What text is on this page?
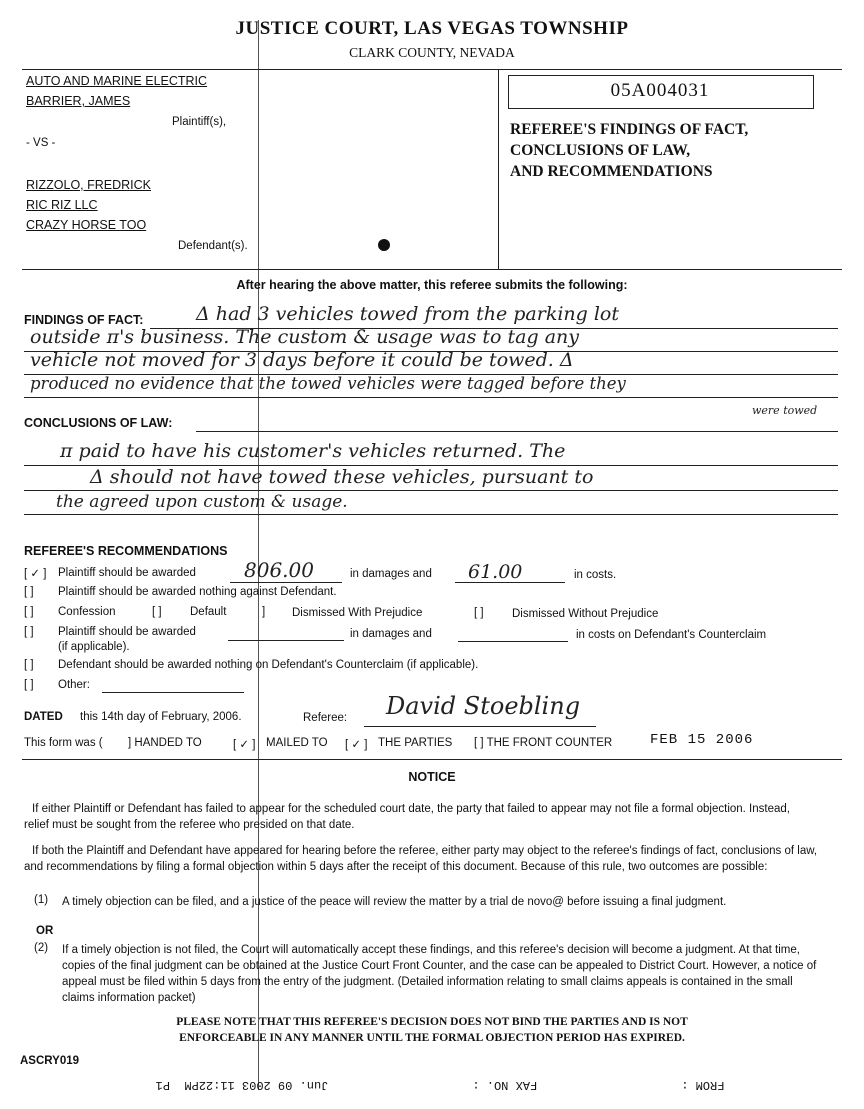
JUSTICE COURT, LAS VEGAS TOWNSHIP
CLARK COUNTY, NEVADA
AUTO AND MARINE ELECTRIC
BARRIER, JAMES
Plaintiff(s),
- VS -
RIZZOLO, FREDRICK
RIC RIZ LLC
CRAZY HORSE TOO
Defendant(s).
05A004031
REFEREE'S FINDINGS OF FACT,
CONCLUSIONS OF LAW,
AND RECOMMENDATIONS
After hearing the above matter, this referee submits the following:
FINDINGS OF FACT:	Δ had 3 vehicles towed from the parking lot
outside π's business. The custom & usage was to tag any
vehicle not moved for 3 days before it could be towed. Δ
produced no evidence that the towed vehicles were tagged before they
were towed
CONCLUSIONS OF LAW:
π paid to have his customer's vehicles returned. The
Δ should not have towed these vehicles, pursuant to
the agreed upon custom & usage.
REFEREE'S RECOMMENDATIONS
[ ✓ ] Plaintiff should be awarded 806.00	in damages and 61.00	in costs.
[ ] Plaintiff should be awarded nothing against Defendant.
[ ] Confession	[ ] Default	] Dismissed With Prejudice	[ ] Dismissed Without Prejudice
[ ] Plaintiff should be awarded	in damages and	in costs on Defendant's Counterclaim
(if applicable).
[ ] Defendant should be awarded nothing on Defendant's Counterclaim (if applicable).
[ ] Other:
DATED this 14th day of February, 2006.	Referee: David Stoebling
This form was ( ] HANDED TO	[ ✓ ] MAILED TO [ ✓ ] THE PARTIES [ ] THE FRONT COUNTER	FEB 15 2006
NOTICE
If either Plaintiff or Defendant has failed to appear for the scheduled court date, the party that failed to appear may not file a formal objection. Instead, relief must be sought from the referee who presided on that date.
If both the Plaintiff and Defendant have appeared for hearing before the referee, either party may object to the referee's findings of fact, conclusions of law, and recommendations by filing a formal objection within 5 days after the receipt of this document. Because of this rule, two outcomes are possible:
(1) A timely objection can be filed, and a justice of the peace will review the matter by a trial de novo@ before issuing a final judgment.
OR
(2) If a timely objection is not filed, the Court will automatically accept these findings, and this referee's decision will become a judgment. At that time, copies of the final judgment can be obtained at the Justice Court Front Counter, and the case can be appealed to District Court. However, a notice of appeal must be filed within 5 days from the entry of the judgment. (Detailed information relating to small claims appeals is contained in the small claims information packet)
PLEASE NOTE THAT THIS REFEREE'S DECISION DOES NOT BIND THE PARTIES AND IS NOT
ENFORCEABLE IN ANY MANNER UNTIL THE FORMAL OBJECTION PERIOD HAS EXPIRED.
ASCRY019
FROM :                    FAX NO. :                    Jun. 09 2003 11:22PM  P1
